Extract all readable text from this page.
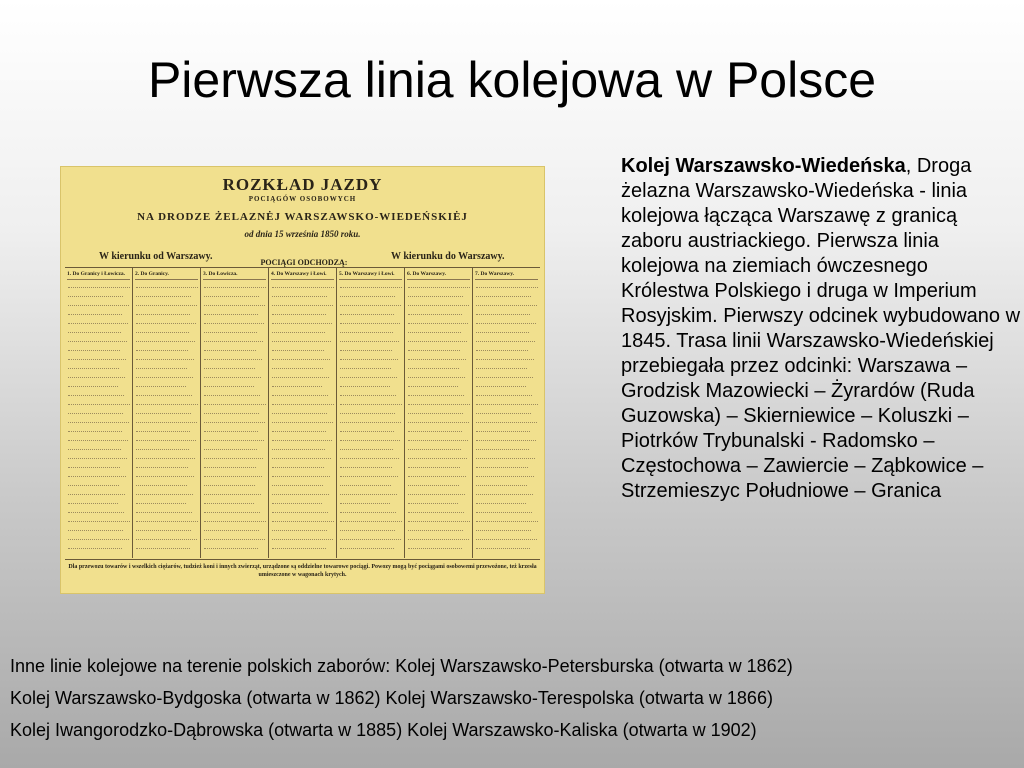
Pierwsza linia kolejowa w Polsce
ROZKŁAD JAZDY
POCIĄGÓW OSOBOWYCH
NA DRODZE ŻELAZNĖJ WARSZAWSKO-WIEDEŃSKIĖJ
od dnia 15 września 1850 roku.
W kierunku od Warszawy.
POCIĄGI ODCHODZĄ:
W kierunku do Warszawy.
1. Do Granicy i Łowicza.	2. Do Granicy.	3. Do Łowicza.	4. Do Warszawy i Łowi.	5. Do Warszawy i Łowi.	6. Do Warszawy.	7. Do Warszawy.
Dla przewozu towarów i wszelkich ciężarów, tudzież koni i innych zwierząt, urządzone są oddzielne towarowe pociągi. Powozy mogą być pociągami osobowemi przewożone, też krzesła umieszczone w wagonach krytych.

Kolej Warszawsko-Wiedeńska, Droga żelazna Warszawsko-Wiedeńska - linia kolejowa łącząca Warszawę z granicą zaboru austriackiego. Pierwsza linia kolejowa na ziemiach ówczesnego Królestwa Polskiego i druga w Imperium Rosyjskim. Pierwszy odcinek wybudowano w 1845. Trasa linii Warszawsko-Wiedeńskiej przebiegała przez odcinki: Warszawa – Grodzisk Mazowiecki – Żyrardów (Ruda Guzowska) – Skierniewice – Koluszki – Piotrków Trybunalski - Radomsko – Częstochowa – Zawiercie – Ząbkowice – Strzemieszyc Południowe – Granica

Inne linie kolejowe na terenie polskich zaborów: Kolej Warszawsko-Petersburska (otwarta w 1862)
Kolej Warszawsko-Bydgoska (otwarta w 1862) Kolej Warszawsko-Terespolska (otwarta w 1866)
Kolej Iwangorodzko-Dąbrowska (otwarta w 1885) Kolej Warszawsko-Kaliska (otwarta w 1902)
